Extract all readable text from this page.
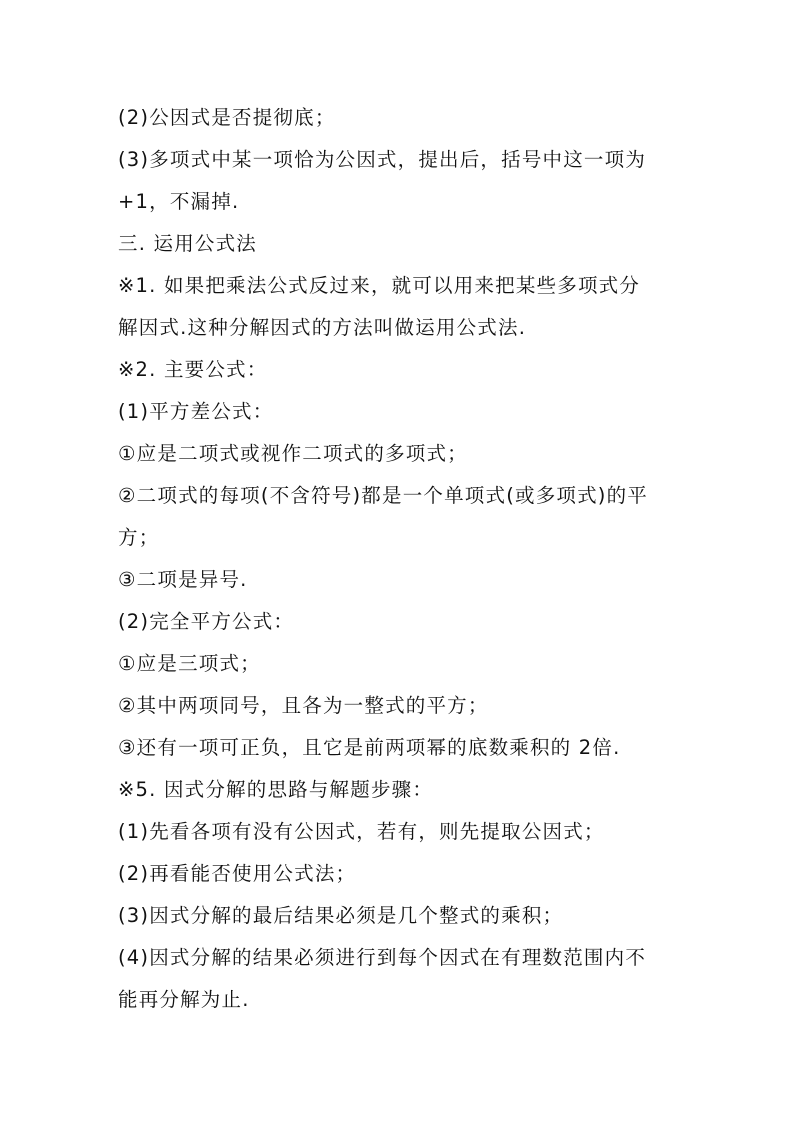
(2)公因式是否提彻底；
(3)多项式中某一项恰为公因式，提出后，括号中这一项为
+1，不漏掉.
三. 运用公式法
※1. 如果把乘法公式反过来，就可以用来把某些多项式分
解因式.这种分解因式的方法叫做运用公式法.
※2. 主要公式：
(1)平方差公式：
①应是二项式或视作二项式的多项式；
②二项式的每项(不含符号)都是一个单项式(或多项式)的平
方；
③二项是异号.
(2)完全平方公式：
①应是三项式；
②其中两项同号，且各为一整式的平方；
③还有一项可正负，且它是前两项幂的底数乘积的 2倍.
※5. 因式分解的思路与解题步骤：
(1)先看各项有没有公因式，若有，则先提取公因式；
(2)再看能否使用公式法；
(3)因式分解的最后结果必须是几个整式的乘积；
(4)因式分解的结果必须进行到每个因式在有理数范围内不
能再分解为止.
